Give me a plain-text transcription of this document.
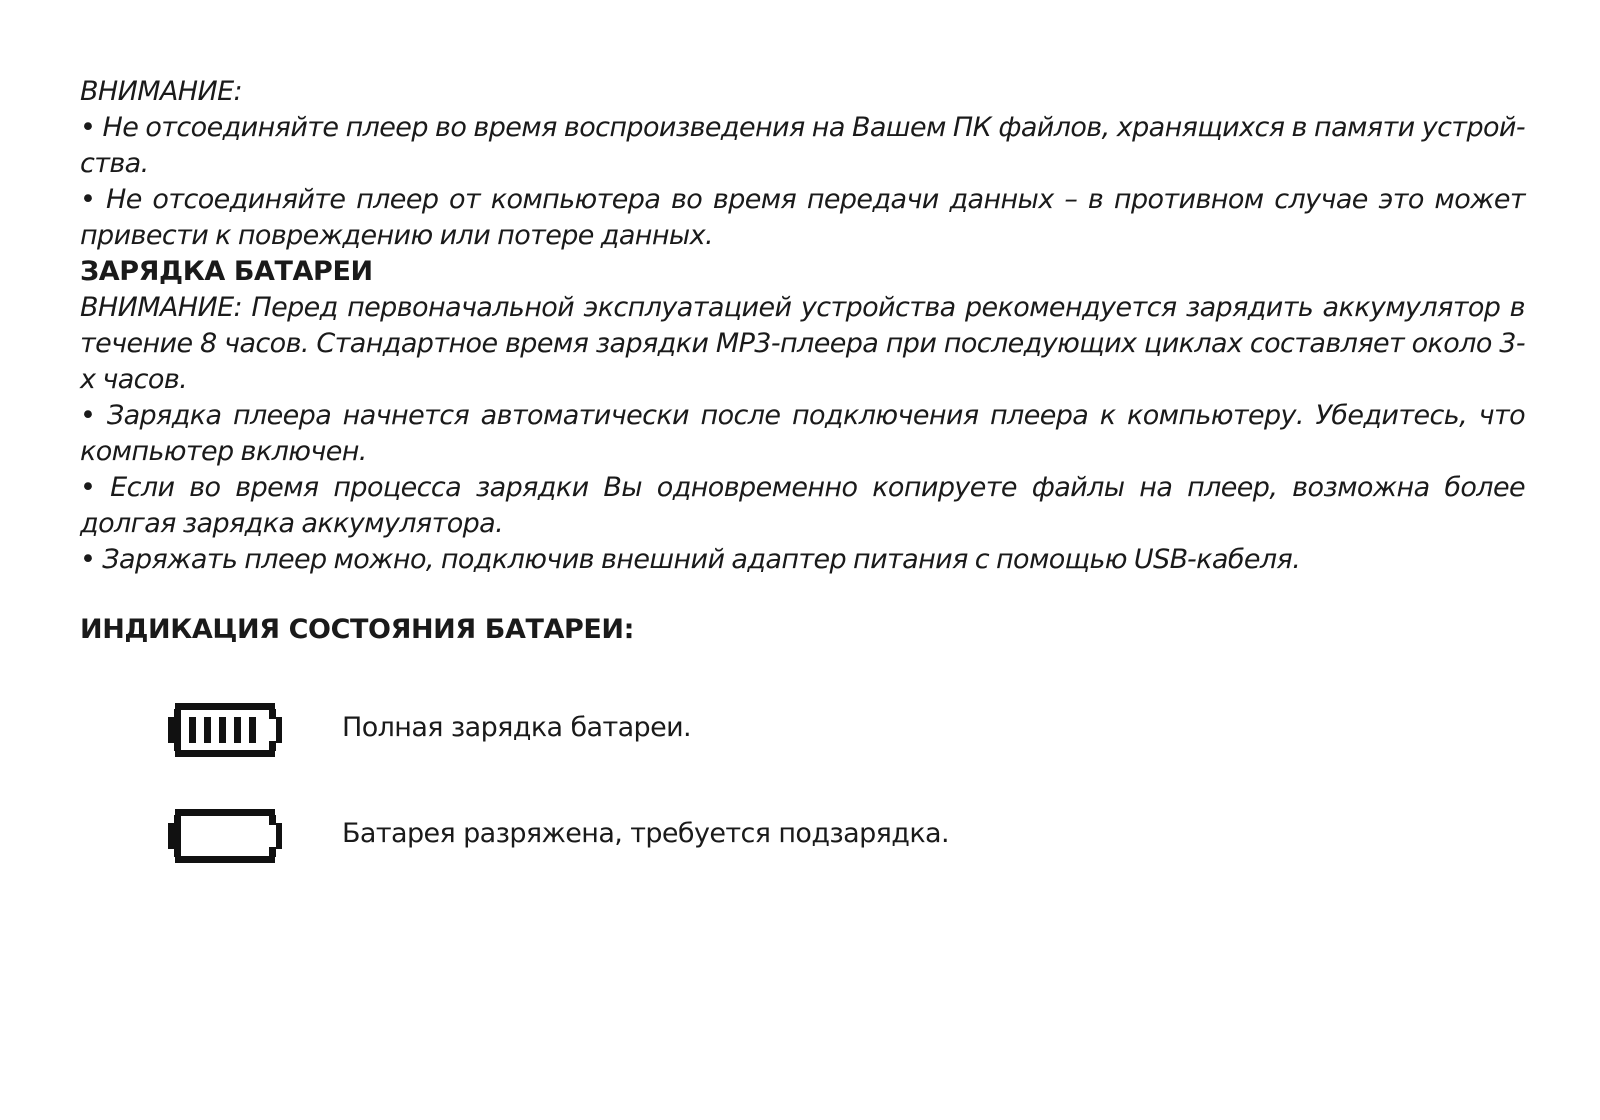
ВНИМАНИЕ:

• Не отсоединяйте плеер во время воспроизведения на Вашем ПК файлов, хранящихся в памяти устрой-ства.

• Не отсоединяйте плеер от компьютера во время передачи данных – в противном случае это может привести к повреждению или потере данных.

ЗАРЯДКА БАТАРЕИ

ВНИМАНИЕ: Перед первоначальной эксплуатацией устройства рекомендуется зарядить аккумулятор в течение 8 часов. Стандартное время зарядки MP3-плеера при последующих циклах составляет около 3-х часов.

• Зарядка плеера начнется автоматически после подключения плеера к компьютеру. Убедитесь, что компьютер включен.

• Если во время процесса зарядки Вы одновременно копируете файлы на плеер, возможна более долгая зарядка аккумулятора.

• Заряжать плеер можно, подключив внешний адаптер питания с помощью USB-кабеля.

ИНДИКАЦИЯ СОСТОЯНИЯ БАТАРЕИ:

Полная зарядка батареи.
Батарея разряжена, требуется подзарядка.
